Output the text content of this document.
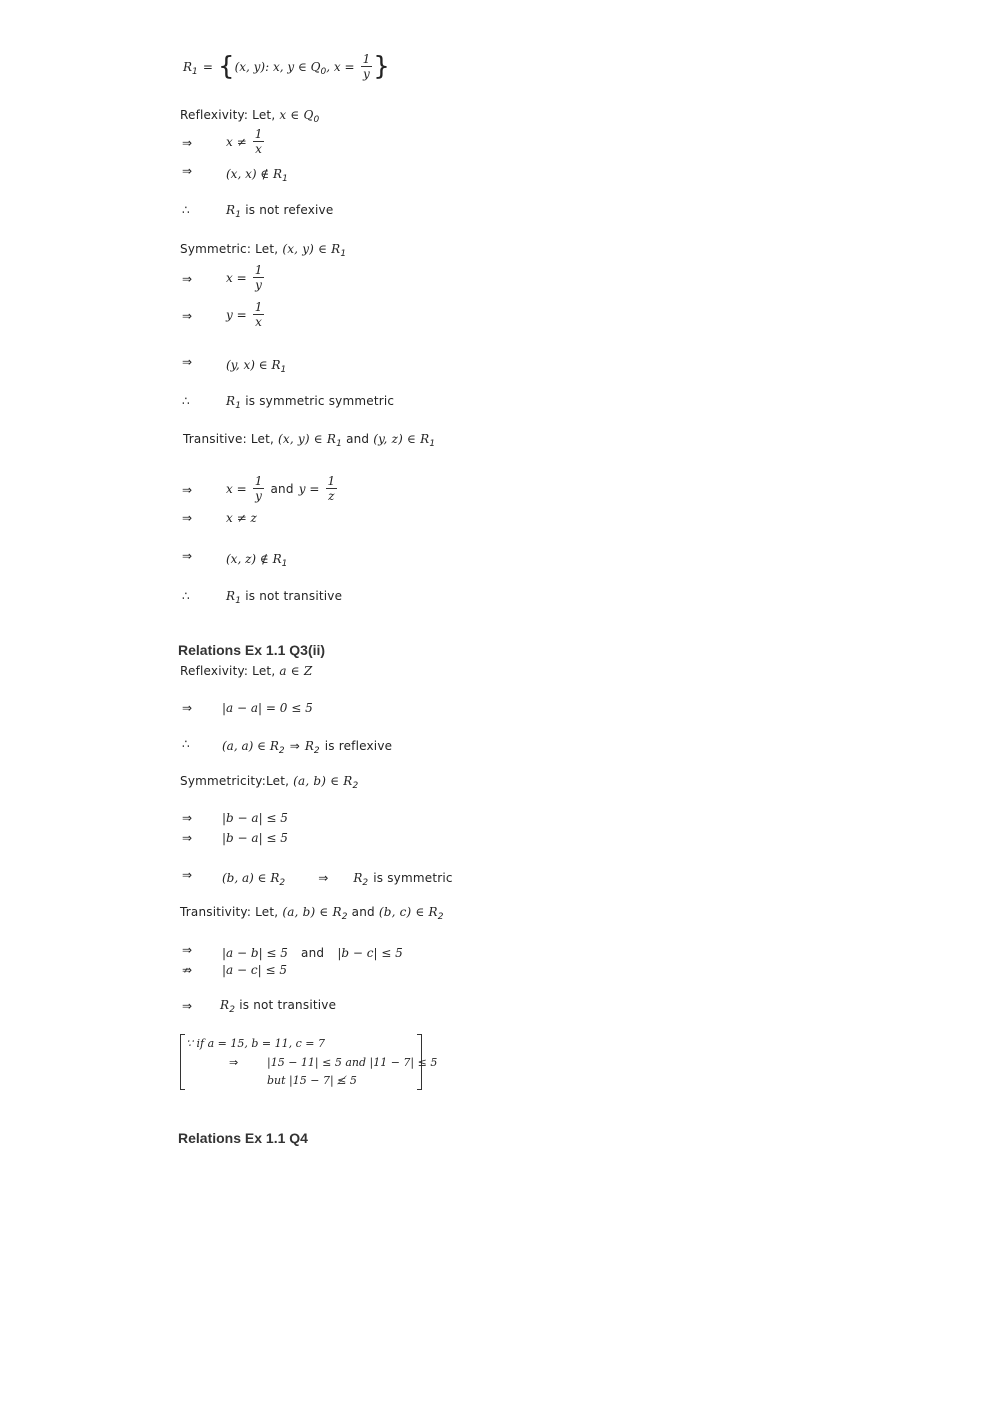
$R_1 = \{(x$, y): x, y ∈ $Q_0$, $x = \frac{1}{y}$ }
Reflexivity: Let, x ∈ $Q_0$
⇒	$x \ne \frac{1}{x}$
⇒	(x, x) ∉ $R_1$
∴	$R_1$ is not refexive
Symmetric: Let, (x, y) ∈ $R_1$
⇒	$x = \frac{1}{y}$
⇒	$y = \frac{1}{x}$
⇒	(y, x) ∈ $R_1$
∴	$R_1$ is symmetric symmetric
Transitive: Let, (x, y) ∈ $R_1$ and (y, z) ∈ $R_1$
⇒	$x = \frac{1}{y}$ and $y = \frac{1}{z}$
⇒	x ≠ z
⇒	(x, z) ∉ $R_1$
∴	$R_1$ is not transitive
Relations Ex 1.1 Q3(ii)
Reflexivity: Let, a ∈ Z
⇒ |a − a| = 0 ≤ 5
∴	(a, a) ∈ $R_2$ ⇒ $R_2$ is reflexive
Symmetricity:Let, (a, b) ∈ $R_2$
⇒ |b − a| ≤ 5
⇒ |b − a| ≤ 5
⇒ (b, a) ∈ $R_2$	⇒ $R_2$ is symmetric
Transitivity: Let, (a, b) ∈ $R_2$ and (b, c) ∈ $R_2$
⇒ |a − b| ≤ 5 and |b − c| ≤ 5
⇏ |a − c| ≤ 5
⇒ $R_2$ is not transitive
∵ if a = 15, b = 11, c = 7
⇒	|15 − 11| ≤ 5 and |11 − 7| ≤ 5
but |15 − 7| ≰ 5
Relations Ex 1.1 Q4
